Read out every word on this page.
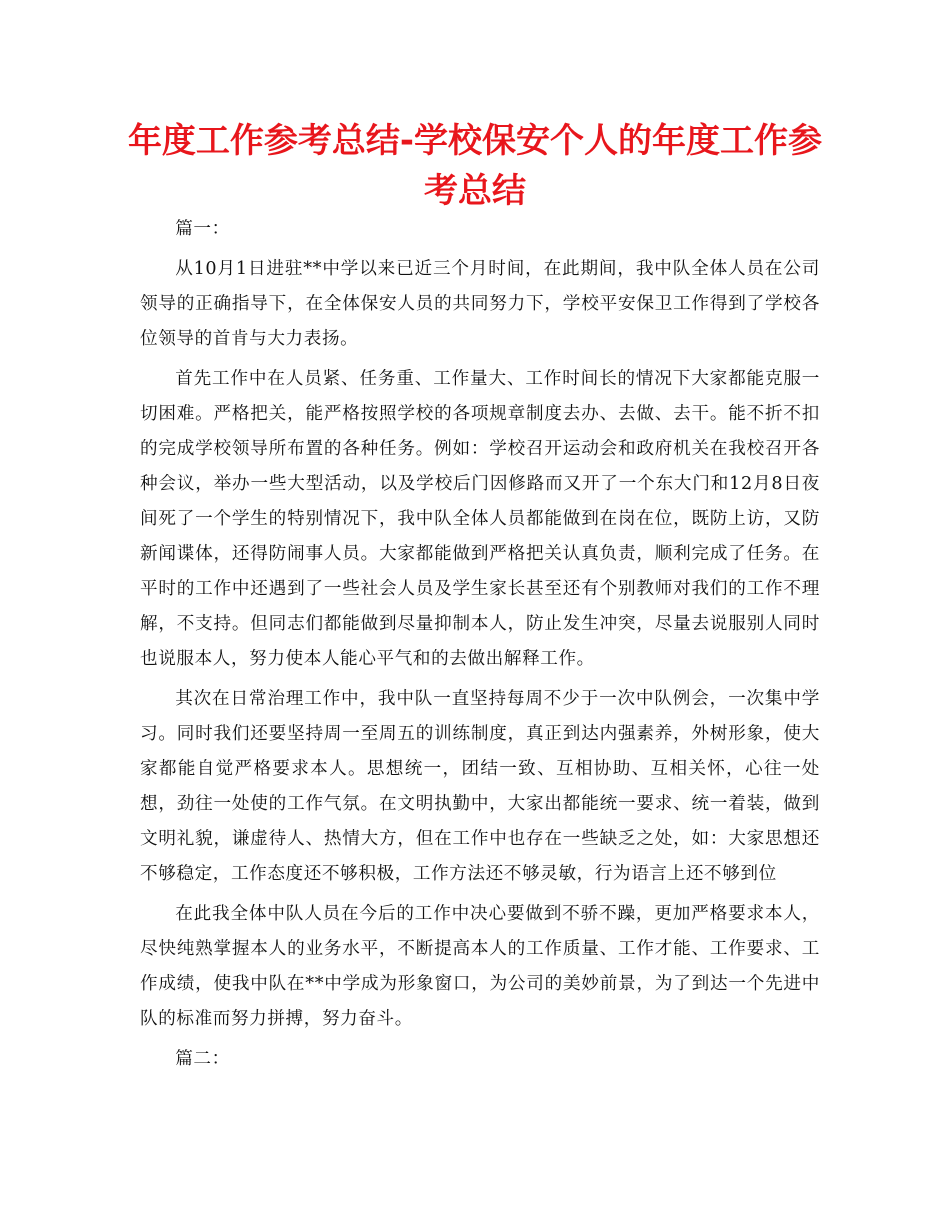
年度工作参考总结-学校保安个人的年度工作参考总结

篇一：

从10月1日进驻**中学以来已近三个月时间，在此期间，我中队全体人员在公司领导的正确指导下，在全体保安人员的共同努力下，学校平安保卫工作得到了学校各位领导的首肯与大力表扬。

首先工作中在人员紧、任务重、工作量大、工作时间长的情况下大家都能克服一切困难。严格把关，能严格按照学校的各项规章制度去办、去做、去干。能不折不扣的完成学校领导所布置的各种任务。例如：学校召开运动会和政府机关在我校召开各种会议，举办一些大型活动，以及学校后门因修路而又开了一个东大门和12月8日夜间死了一个学生的特别情况下，我中队全体人员都能做到在岗在位，既防上访，又防新闻谍体，还得防闹事人员。大家都能做到严格把关认真负责，顺利完成了任务。在平时的工作中还遇到了一些社会人员及学生家长甚至还有个别教师对我们的工作不理解，不支持。但同志们都能做到尽量抑制本人，防止发生冲突，尽量去说服别人同时也说服本人，努力使本人能心平气和的去做出解释工作。

其次在日常治理工作中，我中队一直坚持每周不少于一次中队例会，一次集中学习。同时我们还要坚持周一至周五的训练制度，真正到达内强素养，外树形象，使大家都能自觉严格要求本人。思想统一，团结一致、互相协助、互相关怀，心往一处想，劲往一处使的工作气氛。在文明执勤中，大家出都能统一要求、统一着装，做到文明礼貌，谦虚待人、热情大方，但在工作中也存在一些缺乏之处，如：大家思想还不够稳定，工作态度还不够积极，工作方法还不够灵敏，行为语言上还不够到位

在此我全体中队人员在今后的工作中决心要做到不骄不躁，更加严格要求本人，尽快纯熟掌握本人的业务水平，不断提高本人的工作质量、工作才能、工作要求、工作成绩，使我中队在**中学成为形象窗口，为公司的美妙前景，为了到达一个先进中队的标准而努力拼搏，努力奋斗。

篇二：
